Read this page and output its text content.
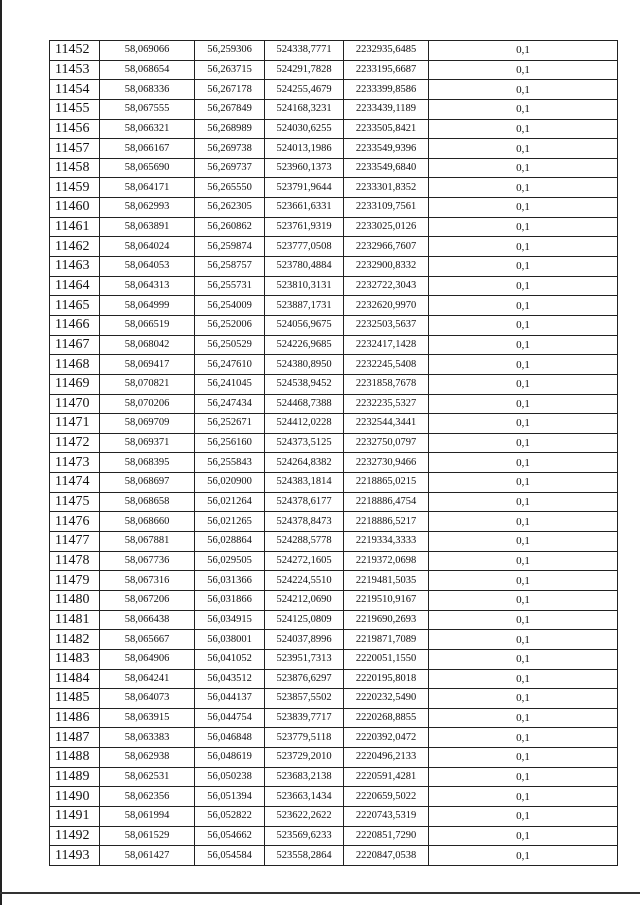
11452	58,069066	56,259306	524338,7771	2232935,6485	0,1
11453	58,068654	56,263715	524291,7828	2233195,6687	0,1
11454	58,068336	56,267178	524255,4679	2233399,8586	0,1
11455	58,067555	56,267849	524168,3231	2233439,1189	0,1
11456	58,066321	56,268989	524030,6255	2233505,8421	0,1
11457	58,066167	56,269738	524013,1986	2233549,9396	0,1
11458	58,065690	56,269737	523960,1373	2233549,6840	0,1
11459	58,064171	56,265550	523791,9644	2233301,8352	0,1
11460	58,062993	56,262305	523661,6331	2233109,7561	0,1
11461	58,063891	56,260862	523761,9319	2233025,0126	0,1
11462	58,064024	56,259874	523777,0508	2232966,7607	0,1
11463	58,064053	56,258757	523780,4884	2232900,8332	0,1
11464	58,064313	56,255731	523810,3131	2232722,3043	0,1
11465	58,064999	56,254009	523887,1731	2232620,9970	0,1
11466	58,066519	56,252006	524056,9675	2232503,5637	0,1
11467	58,068042	56,250529	524226,9685	2232417,1428	0,1
11468	58,069417	56,247610	524380,8950	2232245,5408	0,1
11469	58,070821	56,241045	524538,9452	2231858,7678	0,1
11470	58,070206	56,247434	524468,7388	2232235,5327	0,1
11471	58,069709	56,252671	524412,0228	2232544,3441	0,1
11472	58,069371	56,256160	524373,5125	2232750,0797	0,1
11473	58,068395	56,255843	524264,8382	2232730,9466	0,1
11474	58,068697	56,020900	524383,1814	2218865,0215	0,1
11475	58,068658	56,021264	524378,6177	2218886,4754	0,1
11476	58,068660	56,021265	524378,8473	2218886,5217	0,1
11477	58,067881	56,028864	524288,5778	2219334,3333	0,1
11478	58,067736	56,029505	524272,1605	2219372,0698	0,1
11479	58,067316	56,031366	524224,5510	2219481,5035	0,1
11480	58,067206	56,031866	524212,0690	2219510,9167	0,1
11481	58,066438	56,034915	524125,0809	2219690,2693	0,1
11482	58,065667	56,038001	524037,8996	2219871,7089	0,1
11483	58,064906	56,041052	523951,7313	2220051,1550	0,1
11484	58,064241	56,043512	523876,6297	2220195,8018	0,1
11485	58,064073	56,044137	523857,5502	2220232,5490	0,1
11486	58,063915	56,044754	523839,7717	2220268,8855	0,1
11487	58,063383	56,046848	523779,5118	2220392,0472	0,1
11488	58,062938	56,048619	523729,2010	2220496,2133	0,1
11489	58,062531	56,050238	523683,2138	2220591,4281	0,1
11490	58,062356	56,051394	523663,1434	2220659,5022	0,1
11491	58,061994	56,052822	523622,2622	2220743,5319	0,1
11492	58,061529	56,054662	523569,6233	2220851,7290	0,1
11493	58,061427	56,054584	523558,2864	2220847,0538	0,1
